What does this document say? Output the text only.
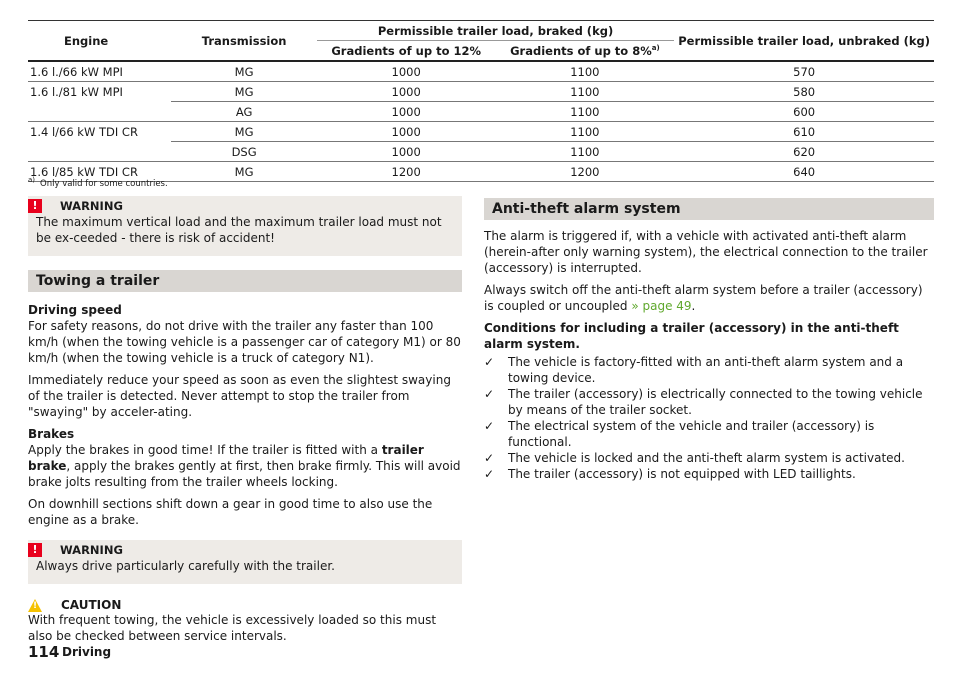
Engine	Transmission	Permissible trailer load, braked (kg)		Permissible trailer load, unbraked (kg)
		Gradients of up to 12%	Gradients of up to 8%$^{a)}$
1.6 l./66 kW MPI	MG	1000	1100	570
1.6 l./81 kW MPI	MG	1000	1100	580
	AG	1000	1100	600
1.4 l/66 kW TDI CR	MG	1000	1100	610
	DSG	1000	1100	620
1.6 l/85 kW TDI CR	MG	1200	1200	640
$^{a)}$ Only valid for some countries.
!	WARNING

The maximum vertical load and the maximum trailer load must not be ex-ceeded - there is risk of accident!

Towing a trailer

Driving speed

For safety reasons, do not drive with the trailer any faster than 100 km/h (when the towing vehicle is a passenger car of category M1) or 80 km/h (when the towing vehicle is a truck of category N1).

Immediately reduce your speed as soon as even the slightest swaying of the trailer is detected. Never attempt to stop the trailer from "swaying" by acceler-ating.

Brakes

Apply the brakes in good time! If the trailer is fitted with a trailer brake, apply the brakes gently at first, then brake firmly. This will avoid brake jolts resulting from the trailer wheels locking.

On downhill sections shift down a gear in good time to also use the engine as a brake.

!	WARNING

Always drive particularly carefully with the trailer.

! CAUTION

With frequent towing, the vehicle is excessively loaded so this must also be checked between service intervals.

Anti-theft alarm system

The alarm is triggered if, with a vehicle with activated anti-theft alarm (herein-after only warning system), the electrical connection to the trailer (accessory) is interrupted.

Always switch off the anti-theft alarm system before a trailer (accessory) is coupled or uncoupled » page 49.

Conditions for including a trailer (accessory) in the anti-theft alarm system.

✓ The vehicle is factory-fitted with an anti-theft alarm system and a towing device.
✓ The trailer (accessory) is electrically connected to the towing vehicle by means of the trailer socket.
✓ The electrical system of the vehicle and trailer (accessory) is functional.
✓ The vehicle is locked and the anti-theft alarm system is activated.
✓ The trailer (accessory) is not equipped with LED taillights.
114 Driving
